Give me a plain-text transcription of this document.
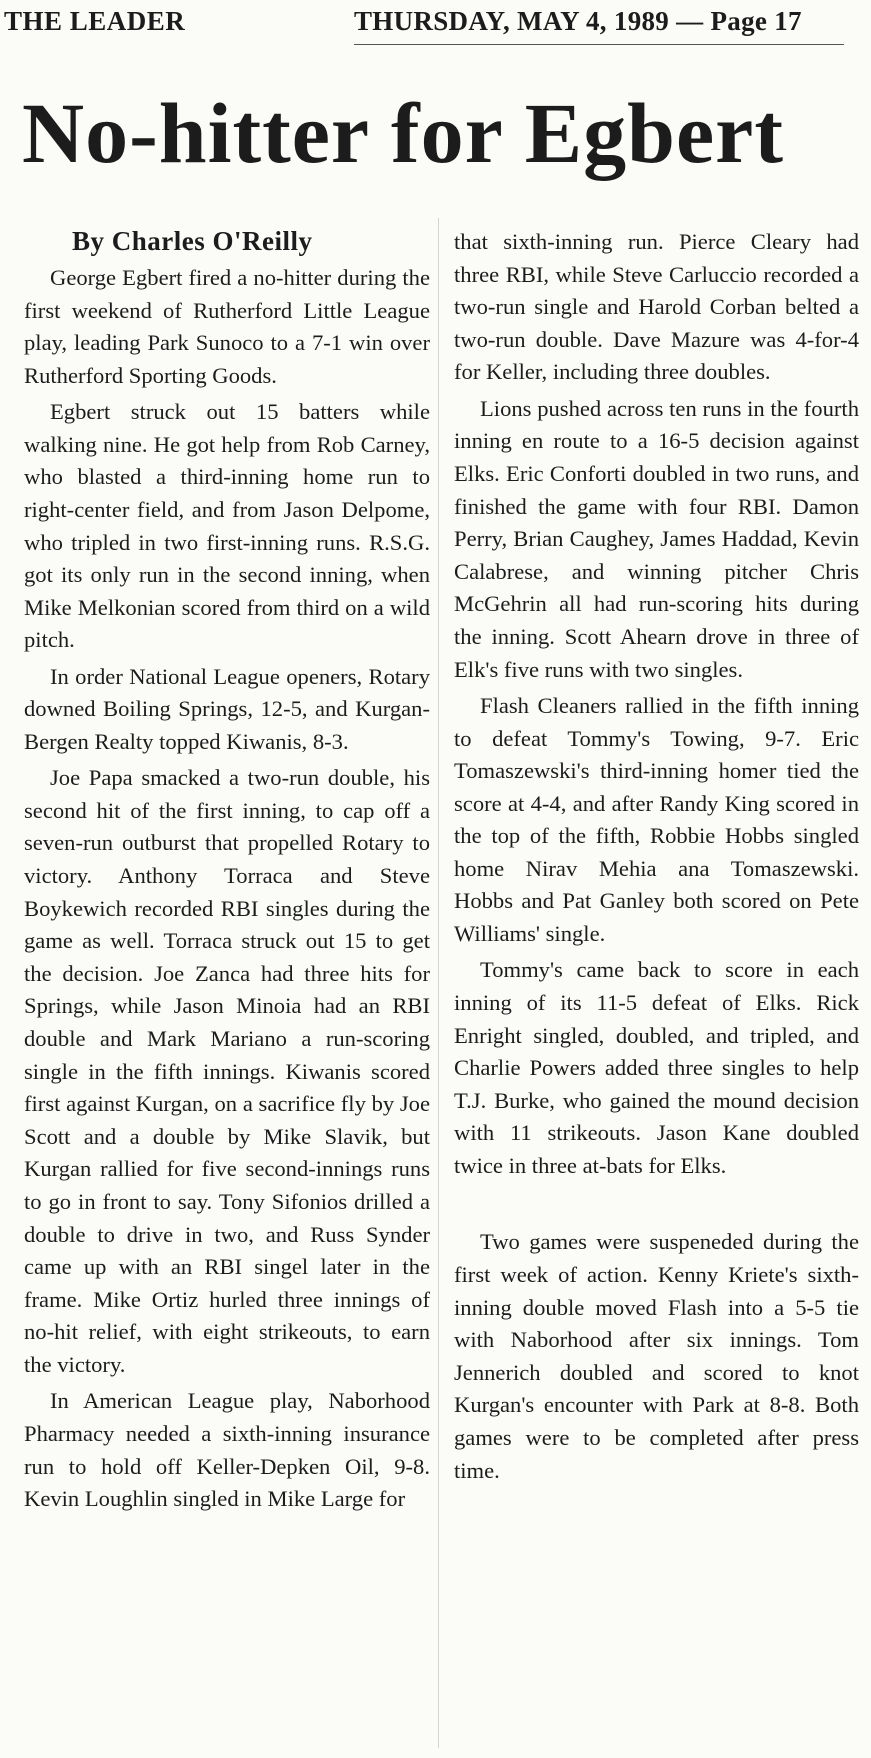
THE LEADER	THURSDAY, MAY 4, 1989 — Page 17
No-hitter for Egbert
By Charles O'Reilly

George Egbert fired a no-hitter during the first weekend of Rutherford Little League play, leading Park Sunoco to a 7-1 win over Rutherford Sporting Goods.

Egbert struck out 15 batters while walking nine. He got help from Rob Carney, who blasted a third-inning home run to right-center field, and from Jason Delpome, who tripled in two first-inning runs. R.S.G. got its only run in the second inning, when Mike Melkonian scored from third on a wild pitch.

In order National League openers, Rotary downed Boiling Springs, 12-5, and Kurgan-Bergen Realty topped Kiwanis, 8-3.

Joe Papa smacked a two-run double, his second hit of the first inning, to cap off a seven-run outburst that propelled Rotary to victory. Anthony Torraca and Steve Boykewich recorded RBI singles during the game as well. Torraca struck out 15 to get the decision. Joe Zanca had three hits for Springs, while Jason Minoia had an RBI double and Mark Mariano a run-scoring single in the fifth innings. Kiwanis scored first against Kurgan, on a sacrifice fly by Joe Scott and a double by Mike Slavik, but Kurgan rallied for five second-innings runs to go in front to say. Tony Sifonios drilled a double to drive in two, and Russ Synder came up with an RBI singel later in the frame. Mike Ortiz hurled three innings of no-hit relief, with eight strikeouts, to earn the victory.

In American League play, Naborhood Pharmacy needed a sixth-inning insurance run to hold off Keller-Depken Oil, 9-8. Kevin Loughlin singled in Mike Large for

that sixth-inning run. Pierce Cleary had three RBI, while Steve Carluccio recorded a two-run single and Harold Corban belted a two-run double. Dave Mazure was 4-for-4 for Keller, including three doubles.

Lions pushed across ten runs in the fourth inning en route to a 16-5 decision against Elks. Eric Conforti doubled in two runs, and finished the game with four RBI. Damon Perry, Brian Caughey, James Haddad, Kevin Calabrese, and winning pitcher Chris McGehrin all had run-scoring hits during the inning. Scott Ahearn drove in three of Elk's five runs with two singles.

Flash Cleaners rallied in the fifth inning to defeat Tommy's Towing, 9-7. Eric Tomaszewski's third-inning homer tied the score at 4-4, and after Randy King scored in the top of the fifth, Robbie Hobbs singled home Nirav Mehia ana Tomaszewski. Hobbs and Pat Ganley both scored on Pete Williams' single.

Tommy's came back to score in each inning of its 11-5 defeat of Elks. Rick Enright singled, doubled, and tripled, and Charlie Powers added three singles to help T.J. Burke, who gained the mound decision with 11 strikeouts. Jason Kane doubled twice in three at-bats for Elks.

Two games were suspeneded during the first week of action. Kenny Kriete's sixth-inning double moved Flash into a 5-5 tie with Naborhood after six innings. Tom Jennerich doubled and scored to knot Kurgan's encounter with Park at 8-8. Both games were to be completed after press time.
